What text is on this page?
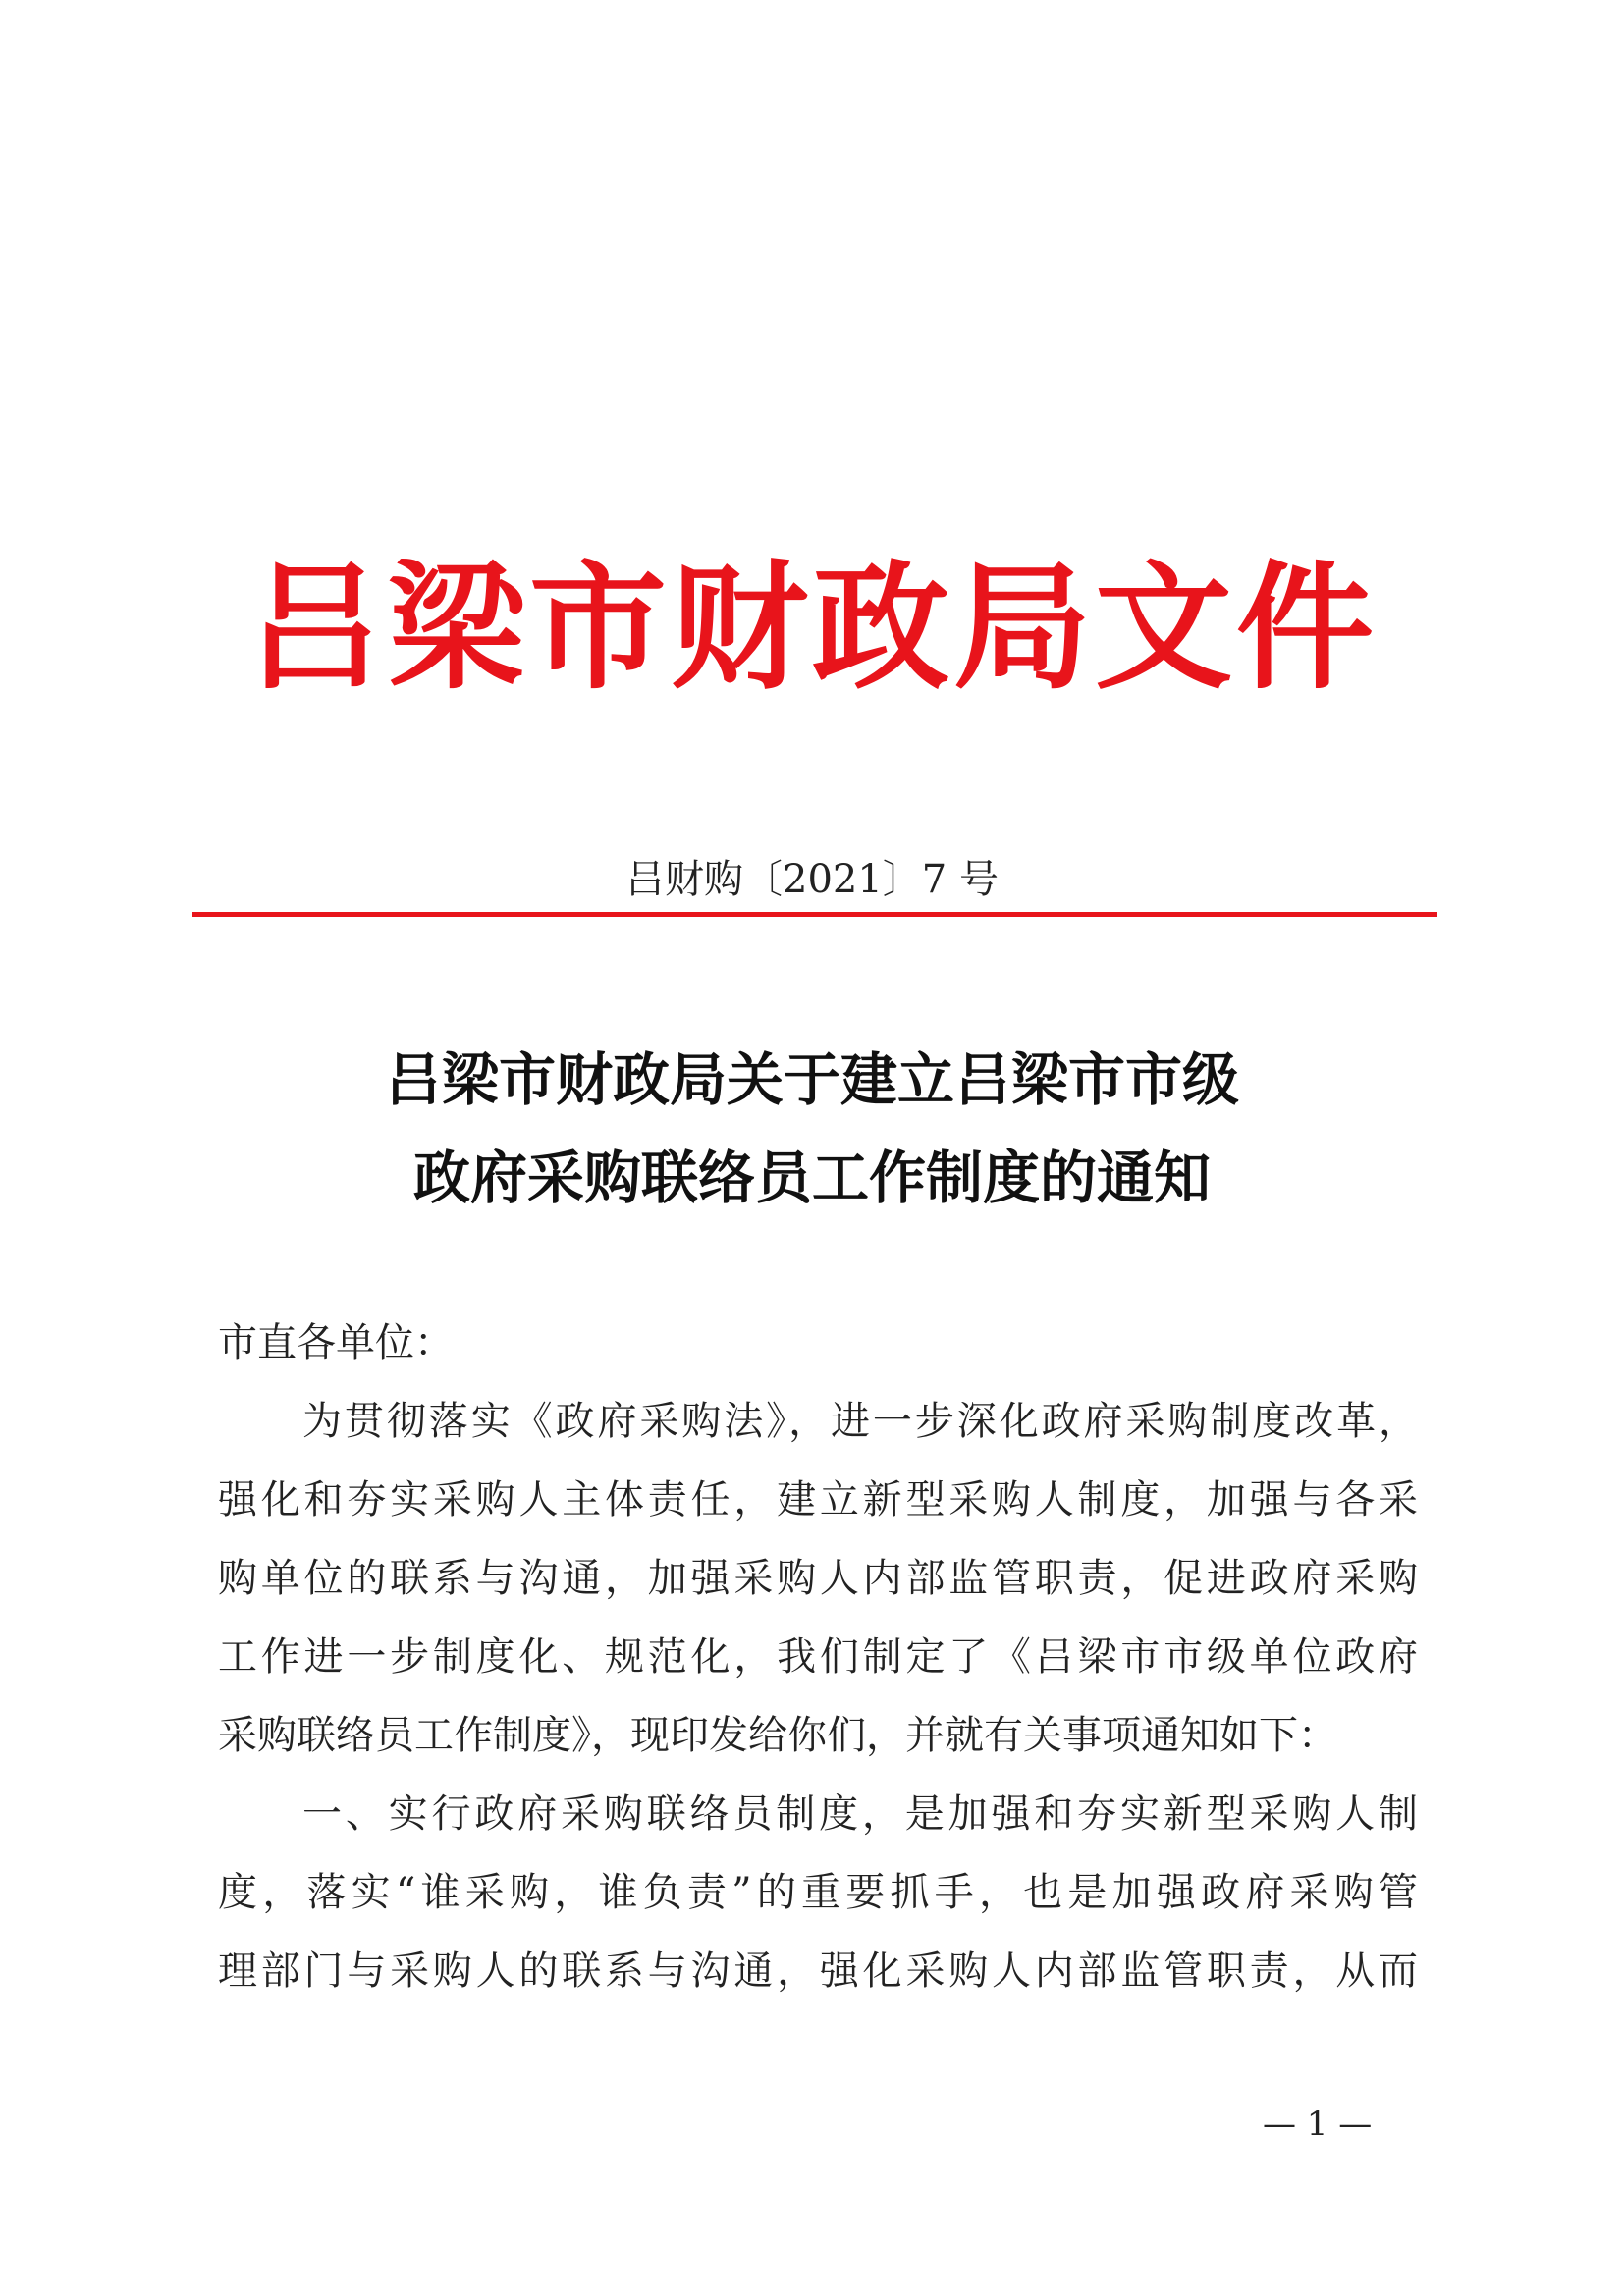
吕梁市财政局文件
吕财购〔2021〕7 号
吕梁市财政局关于建立吕梁市市级
政府采购联络员工作制度的通知
市直各单位：
为贯彻落实《政府采购法》，进一步深化政府采购制度改革，
强化和夯实采购人主体责任，建立新型采购人制度，加强与各采
购单位的联系与沟通，加强采购人内部监管职责，促进政府采购
工作进一步制度化、规范化，我们制定了《吕梁市市级单位政府
采购联络员工作制度》，现印发给你们，并就有关事项通知如下：
一、实行政府采购联络员制度，是加强和夯实新型采购人制
度，落实“谁采购，谁负责”的重要抓手，也是加强政府采购管
理部门与采购人的联系与沟通，强化采购人内部监管职责，从而
— 1 —
